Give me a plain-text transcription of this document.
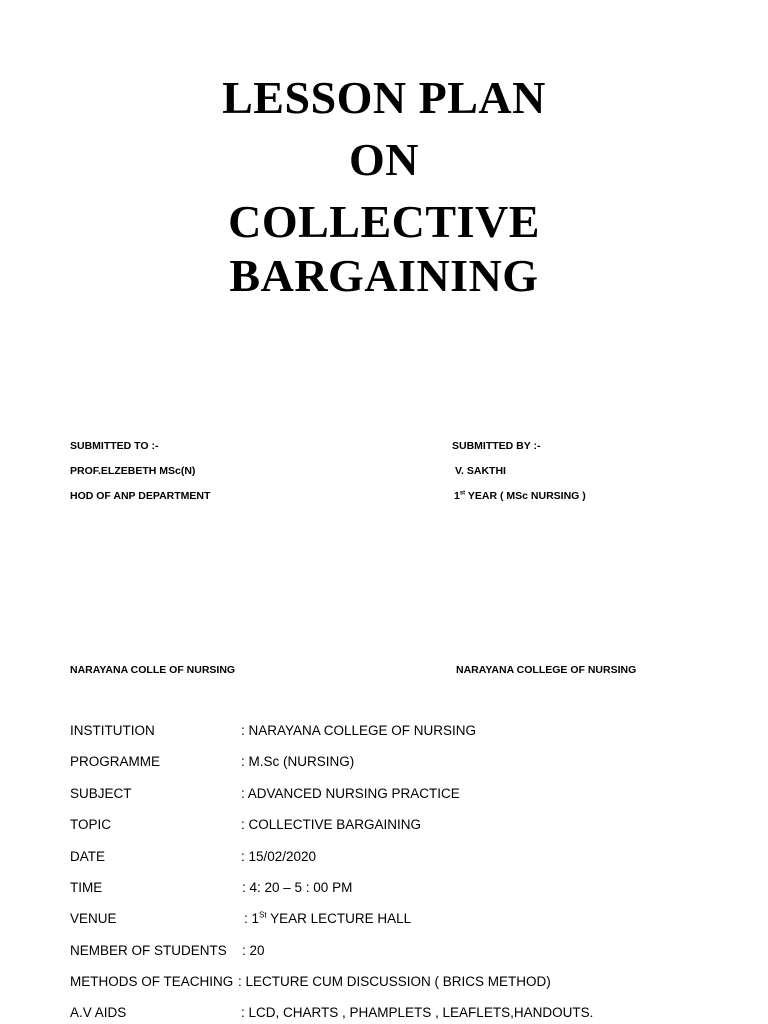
LESSON PLAN
ON
COLLECTIVE
BARGAINING
SUBMITTED TO :-
PROF.ELZEBETH MSc(N)
HOD OF ANP DEPARTMENT
NARAYANA COLLE OF NURSING
SUBMITTED BY :-
V. SAKTHI
1st YEAR ( MSc NURSING )
NARAYANA COLLEGE OF NURSING
INSTITUTION	: NARAYANA COLLEGE OF NURSING
PROGRAMME	: M.Sc (NURSING)
SUBJECT	: ADVANCED NURSING PRACTICE
TOPIC	: COLLECTIVE BARGAINING
DATE	: 15/02/2020
TIME	: 4: 20 – 5 : 00 PM
VENUE	: 1St YEAR LECTURE HALL
NEMBER OF STUDENTS : 20
METHODS OF TEACHING : LECTURE CUM DISCUSSION ( BRICS METHOD)
A.V AIDS	: LCD, CHARTS , PHAMPLETS , LEAFLETS,HANDOUTS.
